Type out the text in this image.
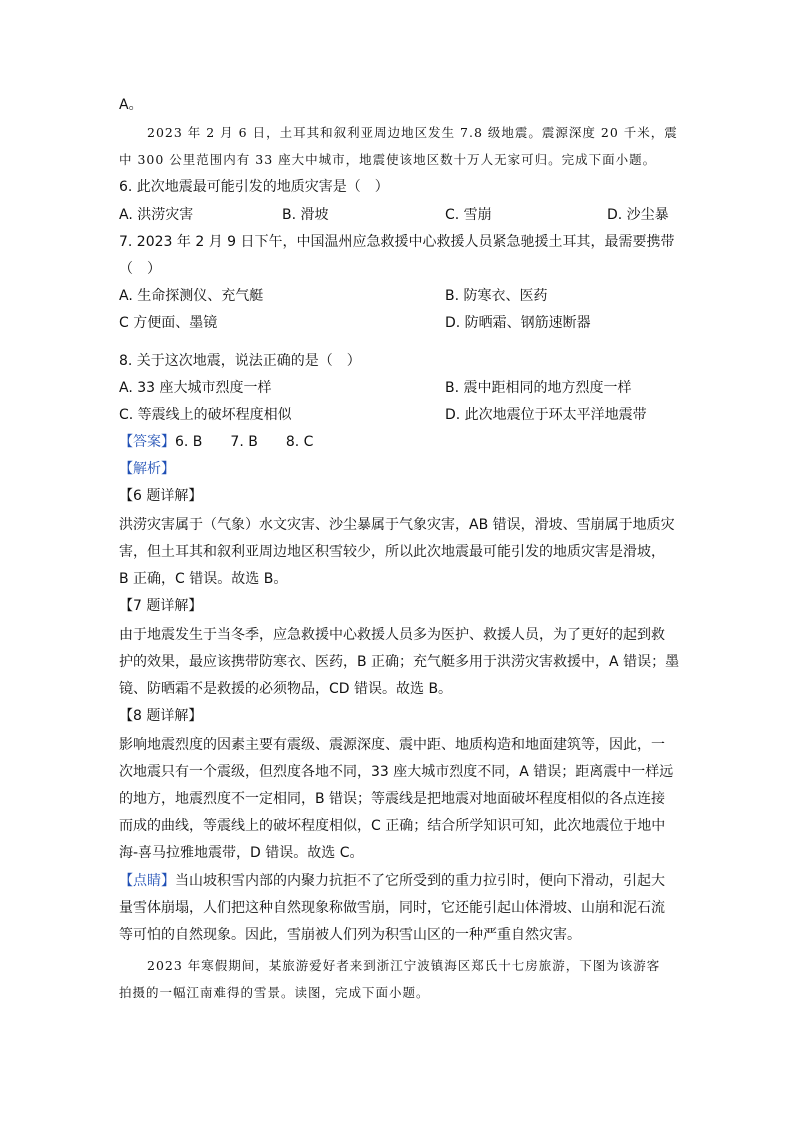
A。
2023 年 2 月 6 日，土耳其和叙利亚周边地区发生 7.8 级地震。震源深度 20 千米，震
中 300 公里范围内有 33 座大中城市，地震使该地区数十万人无家可归。完成下面小题。
6. 此次地震最可能引发的地质灾害是（　）
A. 洪涝灾害	B. 滑坡	C. 雪崩	D. 沙尘暴
7. 2023 年 2 月 9 日下午，中国温州应急救援中心救援人员紧急驰援土耳其，最需要携带
（　）
A. 生命探测仪、充气艇	B. 防寒衣、医药
C 方便面、墨镜	D. 防晒霜、钢筋速断器
8. 关于这次地震，说法正确的是（　）
A. 33 座大城市烈度一样	B. 震中距相同的地方烈度一样
C. 等震线上的破坏程度相似	D. 此次地震位于环太平洋地震带
【答案】6. B　　7. B　　8. C
【解析】
【6 题详解】
洪涝灾害属于（气象）水文灾害、沙尘暴属于气象灾害，AB 错误，滑坡、雪崩属于地质灾
害，但土耳其和叙利亚周边地区积雪较少，所以此次地震最可能引发的地质灾害是滑坡，
B 正确，C 错误。故选 B。
【7 题详解】
由于地震发生于当冬季，应急救援中心救援人员多为医护、救援人员，为了更好的起到救
护的效果，最应该携带防寒衣、医药，B 正确；充气艇多用于洪涝灾害救援中，A 错误；墨
镜、防晒霜不是救援的必须物品，CD 错误。故选 B。
【8 题详解】
影响地震烈度的因素主要有震级、震源深度、震中距、地质构造和地面建筑等，因此，一
次地震只有一个震级，但烈度各地不同，33 座大城市烈度不同，A 错误；距离震中一样远
的地方，地震烈度不一定相同，B 错误；等震线是把地震对地面破坏程度相似的各点连接
而成的曲线，等震线上的破坏程度相似，C 正确；结合所学知识可知，此次地震位于地中
海-喜马拉雅地震带，D 错误。故选 C。
【点睛】当山坡积雪内部的内聚力抗拒不了它所受到的重力拉引时，便向下滑动，引起大
量雪体崩塌，人们把这种自然现象称做雪崩，同时，它还能引起山体滑坡、山崩和泥石流
等可怕的自然现象。因此，雪崩被人们列为积雪山区的一种严重自然灾害。
2023 年寒假期间，某旅游爱好者来到浙江宁波镇海区郑氏十七房旅游，下图为该游客
拍摄的一幅江南难得的雪景。读图，完成下面小题。
